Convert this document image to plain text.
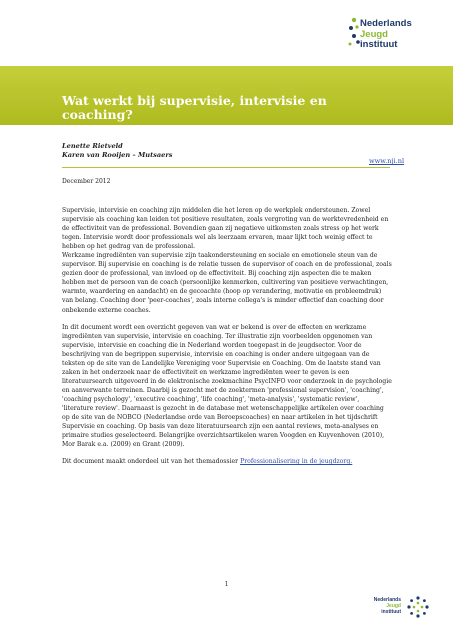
Nederlands
Jeugd
instituut
Wat werkt bij supervisie, intervisie en coaching?
Lenette Rietveld
Karen van Rooijen – Mutsaers
www.nji.nl
December 2012

Supervisie, intervisie en coaching zijn middelen die het leren op de werkplek ondersteunen. Zowel supervisie als coaching kan leiden tot positieve resultaten, zoals vergroting van de werktevredenheid en de effectiviteit van de professional. Bovendien gaan zij negatieve uitkomsten zoals stress op het werk tegen. Intervisie wordt door professionals wel als leerzaam ervaren, maar lijkt toch weinig effect te hebben op het gedrag van de professional.

Werkzame ingrediënten van supervisie zijn taakondersteuning en sociale en emotionele steun van de supervisor. Bij supervisie en coaching is de relatie tussen de supervisor of coach en de professional, zoals gezien door de professional, van invloed op de effectiviteit. Bij coaching zijn aspecten die te maken hebben met de persoon van de coach (persoonlijke kenmerken, cultivering van positieve verwachtingen, warmte, waardering en aandacht) en de gecoachte (hoop op verandering, motivatie en probleemdruk) van belang. Coaching door 'peer-coaches', zoals interne collega's is minder effectief dan coaching door onbekende externe coaches.

In dit document wordt een overzicht gegeven van wat er bekend is over de effecten en werkzame ingrediënten van supervisie, intervisie en coaching. Ter illustratie zijn voorbeelden opgenomen van supervisie, intervisie en coaching die in Nederland worden toegepast in de jeugdsector. Voor de beschrijving van de begrippen supervisie, intervisie en coaching is onder andere uitgegaan van de teksten op de site van de Landelijke Vereniging voor Supervisie en Coaching. Om de laatste stand van zaken in het onderzoek naar de effectiviteit en werkzame ingrediënten weer te geven is een literatuursearch uitgevoerd in de elektronische zoekmachine PsycINFO voor onderzoek in de psychologie en aanverwante terreinen. Daarbij is gezocht met de zoektermen 'professional supervision', 'coaching', 'coaching psychology', 'executive coaching', 'life coaching', 'meta-analysis', 'systematic review', 'literature review'. Daarnaast is gezocht in de database met wetenschappelijke artikelen over coaching op de site van de NOBCO (Nederlandse orde van Beroepscoaches) en naar artikelen in het tijdschrift Supervisie en coaching. Op basis van deze literatuursearch zijn een aantal reviews, meta-analyses en primaire studies geselecteerd. Belangrijke overzichtsartikelen waren Voogden en Kuyvenhoven (2010), Mor Barak e.a. (2009) en Grant (2009).

Dit document maakt onderdeel uit van het themadossier Professionalisering in de jeugdzorg.

1
Nederlands
Jeugd
instituut
